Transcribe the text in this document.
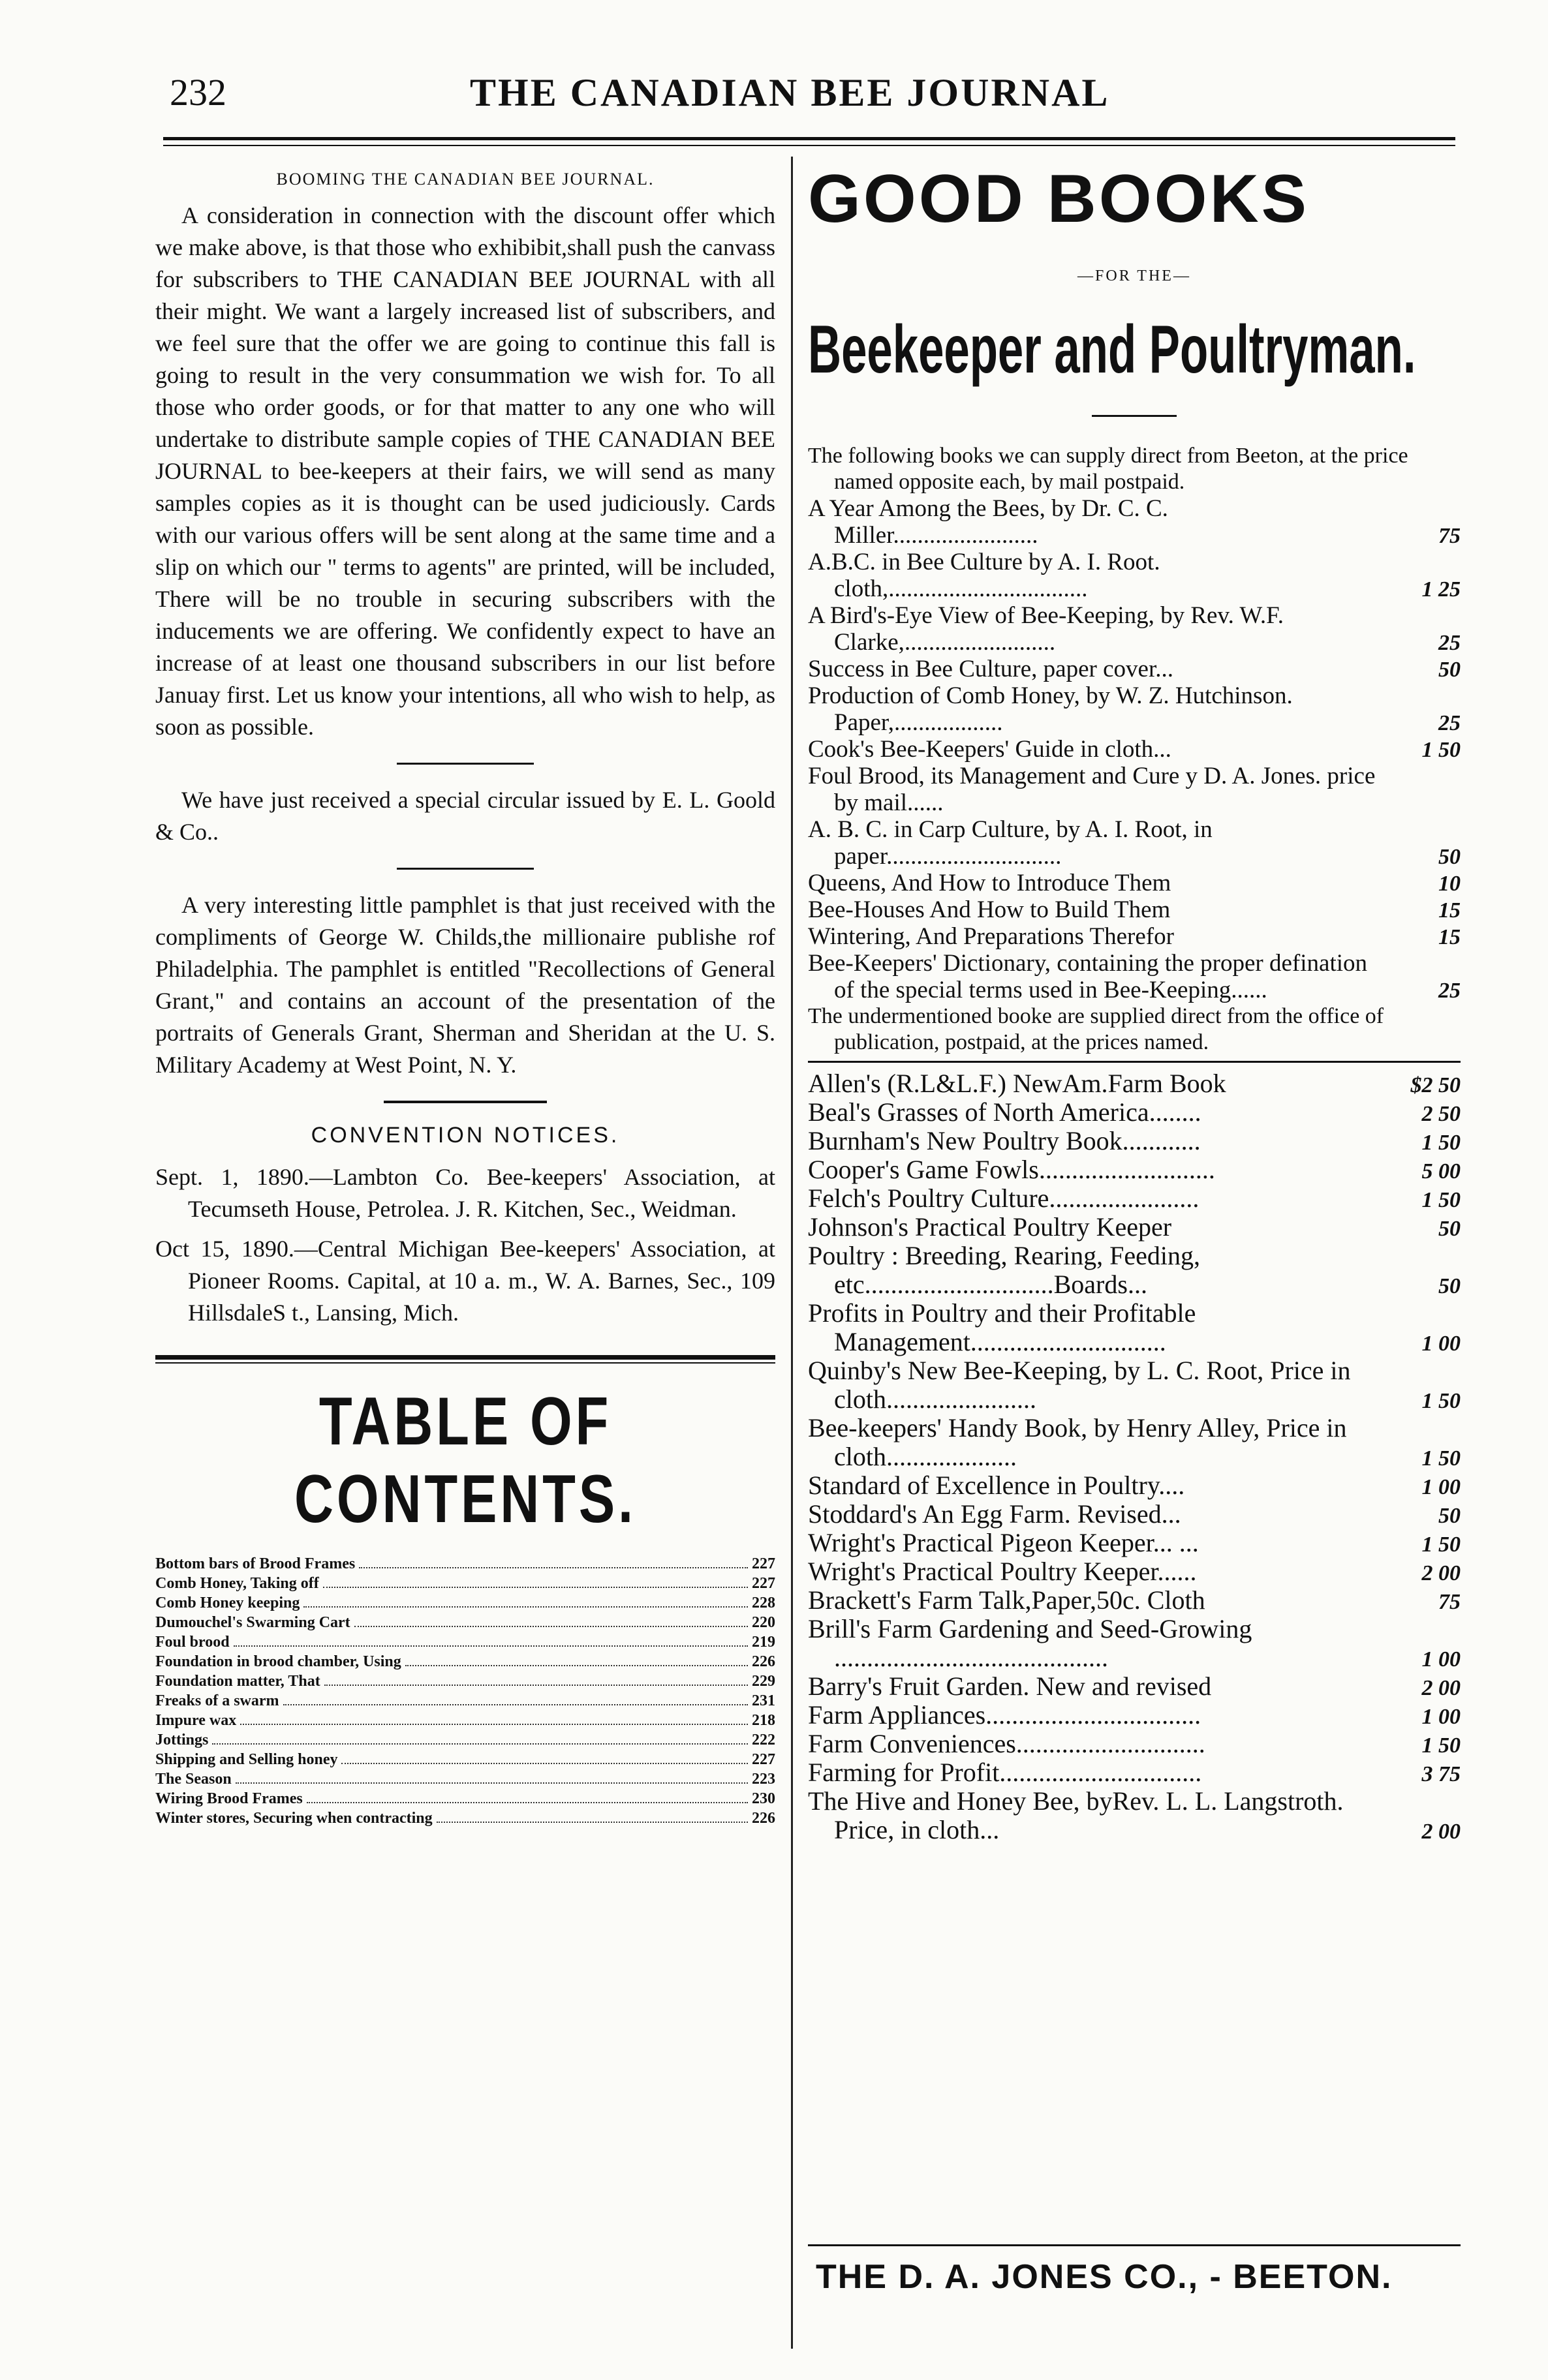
232	THE CANADIAN BEE JOURNAL

BOOMING THE CANADIAN BEE JOURNAL.

A consideration in connection with the discount offer which we make above, is that those who exhibibit,shall push the canvass for subscribers to THE CANADIAN BEE JOURNAL with all their might. We want a largely increased list of subscribers, and we feel sure that the offer we are going to continue this fall is going to result in the very consummation we wish for. To all those who order goods, or for that matter to any one who will undertake to distribute sample copies of THE CANADIAN BEE JOURNAL to bee-keepers at their fairs, we will send as many samples copies as it is thought can be used judiciously. Cards with our various offers will be sent along at the same time and a slip on which our " terms to agents" are printed, will be included, There will be no trouble in securing subscribers with the inducements we are offering. We confidently expect to have an increase of at least one thousand subscribers in our list before Januay first. Let us know your intentions, all who wish to help, as soon as possible.

We have just received a special circular issued by E. L. Goold & Co..

A very interesting little pamphlet is that just received with the compliments of George W. Childs,the millionaire publishe rof Philadelphia. The pamphlet is entitled "Recollections of General Grant," and contains an account of the presentation of the portraits of Generals Grant, Sherman and Sheridan at the U. S. Military Academy at West Point, N. Y.

CONVENTION NOTICES.

Sept. 1, 1890.—Lambton Co. Bee-keepers' Association, at Tecumseth House, Petrolea. J. R. Kitchen, Sec., Weidman.

Oct 15, 1890.—Central Michigan Bee-keepers' Association, at Pioneer Rooms. Capital, at 10 a. m., W. A. Barnes, Sec., 109 HillsdaleS t., Lansing, Mich.

TABLE OF CONTENTS.

Bottom bars of Brood Frames	227
Comb Honey, Taking off	227
Comb Honey keeping	228
Dumouchel's Swarming Cart	220
Foul brood	219
Foundation in brood chamber, Using	226
Foundation matter, That	229
Freaks of a swarm	231
Impure wax	218
Jottings	222
Shipping and Selling honey	227
The Season	223
Wiring Brood Frames	230
Winter stores, Securing when contracting	226

GOOD BOOKS

—FOR THE—

Beekeeper and Poultryman.

The following books we can supply direct from Beeton, at the price named opposite each, by mail postpaid.

A Year Among the Bees, by Dr. C. C. Miller........................	75
A.B.C. in Bee Culture by A. I. Root. cloth,.................................	1 25
A Bird's-Eye View of Bee-Keeping, by Rev. W.F. Clarke,.........................	25
Success in Bee Culture, paper cover...	50
Production of Comb Honey, by W. Z. Hutchinson. Paper,..................	25
Cook's Bee-Keepers' Guide in cloth...	1 50
Foul Brood, its Management and Cure y D. A. Jones. price by mail......
A. B. C. in Carp Culture, by A. I. Root, in paper.............................	50
Queens, And How to Introduce Them	10
Bee-Houses And How to Build Them	15
Wintering, And Preparations Therefor	15
Bee-Keepers' Dictionary, containing the proper defination of the special terms used in Bee-Keeping......	25

The undermentioned booke are supplied direct from the office of publication, postpaid, at the prices named.

Allen's (R.L&L.F.) NewAm.Farm Book	$2 50
Beal's Grasses of North America........	2 50
Burnham's New Poultry Book............	1 50
Cooper's Game Fowls...........................	5 00
Felch's Poultry Culture.......................	1 50
Johnson's Practical Poultry Keeper	50
Poultry : Breeding, Rearing, Feeding, etc.............................Boards...	50
Profits in Poultry and their Profitable Management..............................	1 00
Quinby's New Bee-Keeping, by L. C. Root, Price in cloth.......................	1 50
Bee-keepers' Handy Book, by Henry Alley, Price in cloth....................	1 50
Standard of Excellence in Poultry....	1 00
Stoddard's An Egg Farm. Revised...	50
Wright's Practical Pigeon Keeper... ...	1 50
Wright's Practical Poultry Keeper......	2 00
Brackett's Farm Talk,Paper,50c. Cloth	75
Brill's Farm Gardening and Seed-Growing ..........................................	1 00
Barry's Fruit Garden. New and revised	2 00
Farm Appliances.................................	1 00
Farm Conveniences.............................	1 50
Farming for Profit...............................	3 75
The Hive and Honey Bee, byRev. L. L. Langstroth. Price, in cloth...	2 00
THE D. A. JONES CO., - BEETON.
